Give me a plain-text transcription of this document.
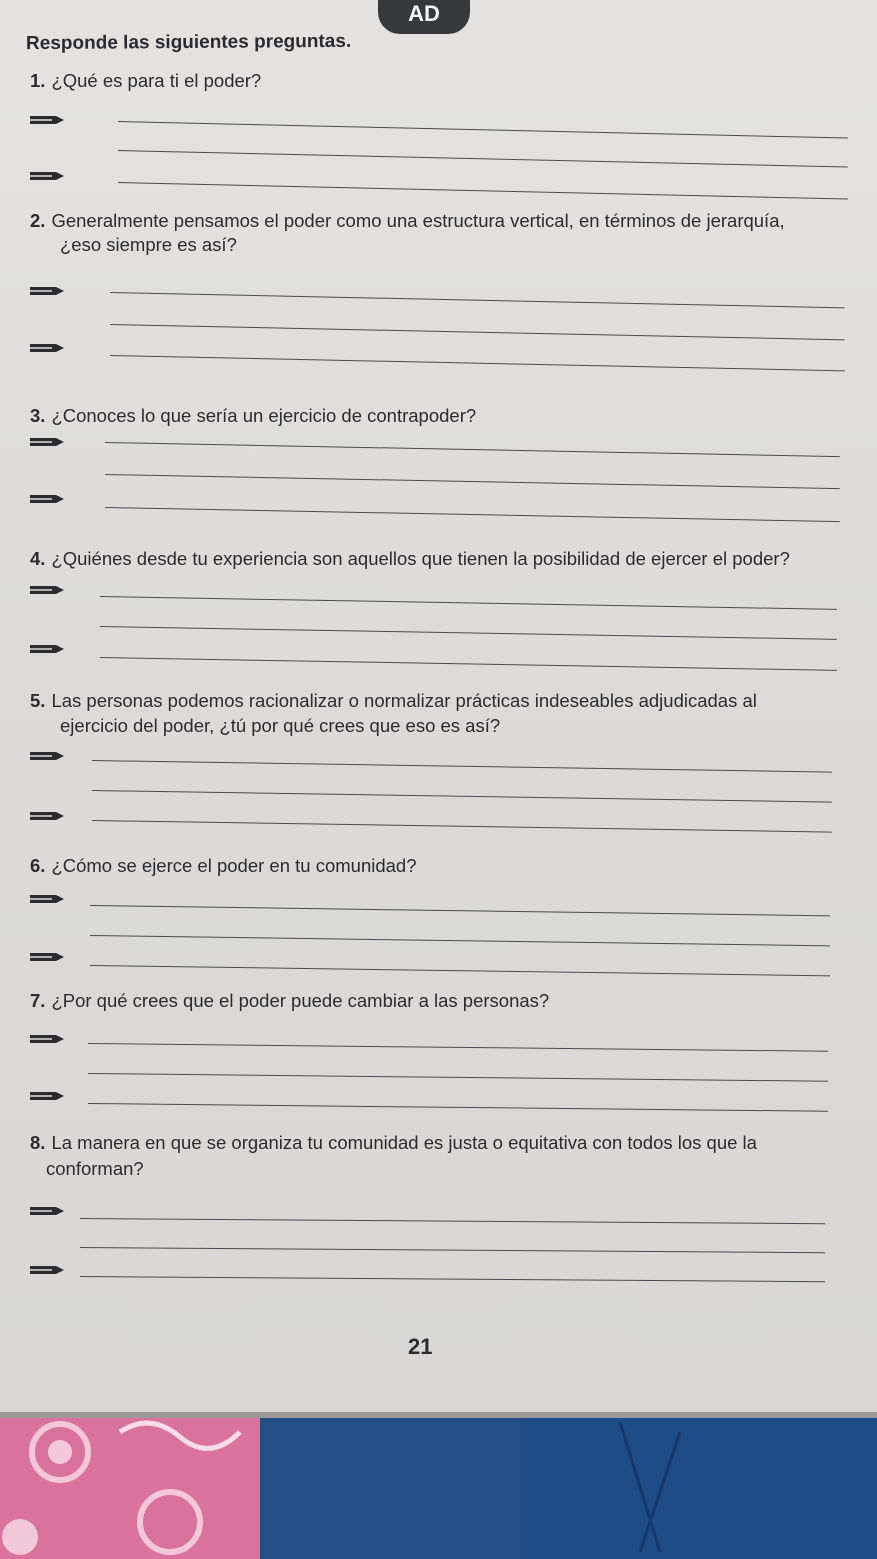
AD
Responde las siguientes preguntas.
1. ¿Qué es para ti el poder?
2. Generalmente pensamos el poder como una estructura vertical, en términos de jerarquía,
¿eso siempre es así?
3. ¿Conoces lo que sería un ejercicio de contrapoder?
4. ¿Quiénes desde tu experiencia son aquellos que tienen la posibilidad de ejercer el poder?
5. Las personas podemos racionalizar o normalizar prácticas indeseables adjudicadas al
ejercicio del poder, ¿tú por qué crees que eso es así?
6. ¿Cómo se ejerce el poder en tu comunidad?
7. ¿Por qué crees que el poder puede cambiar a las personas?
8. La manera en que se organiza tu comunidad es justa o equitativa con todos los que la
conforman?
21
